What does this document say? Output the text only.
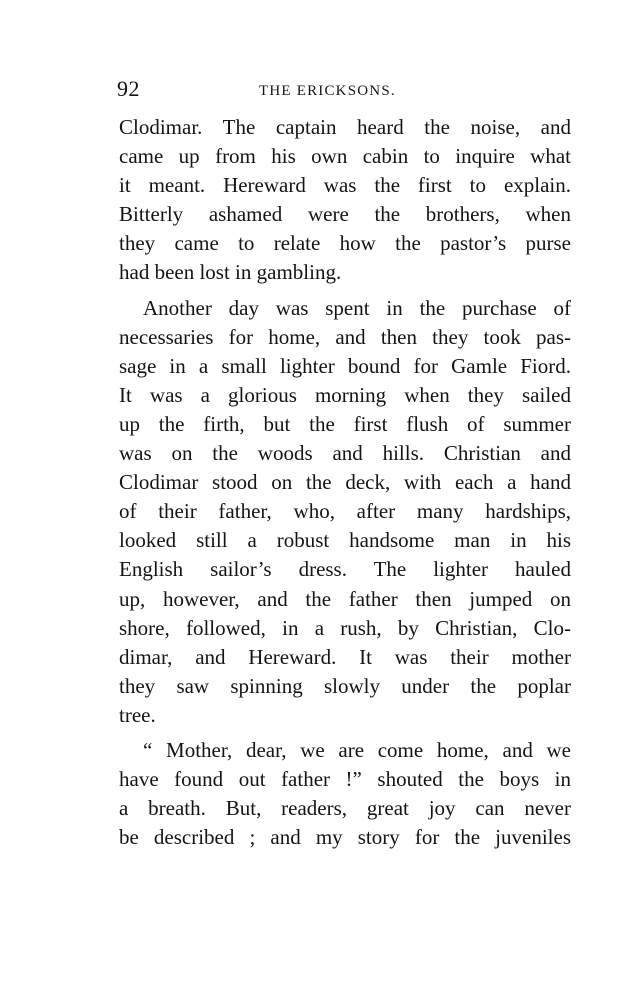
92	THE ERICKSONS.
Clodimar. The captain heard the noise, and
came up from his own cabin to inquire what
it meant. Hereward was the first to explain.
Bitterly ashamed were the brothers, when
they came to relate how the pastor’s purse
had been lost in gambling.
Another day was spent in the purchase of
necessaries for home, and then they took pas-
sage in a small lighter bound for Gamle Fiord.
It was a glorious morning when they sailed
up the firth, but the first flush of summer
was on the woods and hills. Christian and
Clodimar stood on the deck, with each a hand
of their father, who, after many hardships,
looked still a robust handsome man in his
English sailor’s dress. The lighter hauled
up, however, and the father then jumped on
shore, followed, in a rush, by Christian, Clo-
dimar, and Hereward. It was their mother
they saw spinning slowly under the poplar
tree.
“ Mother, dear, we are come home, and we
have found out father !” shouted the boys in
a breath. But, readers, great joy can never
be described ; and my story for the juveniles
